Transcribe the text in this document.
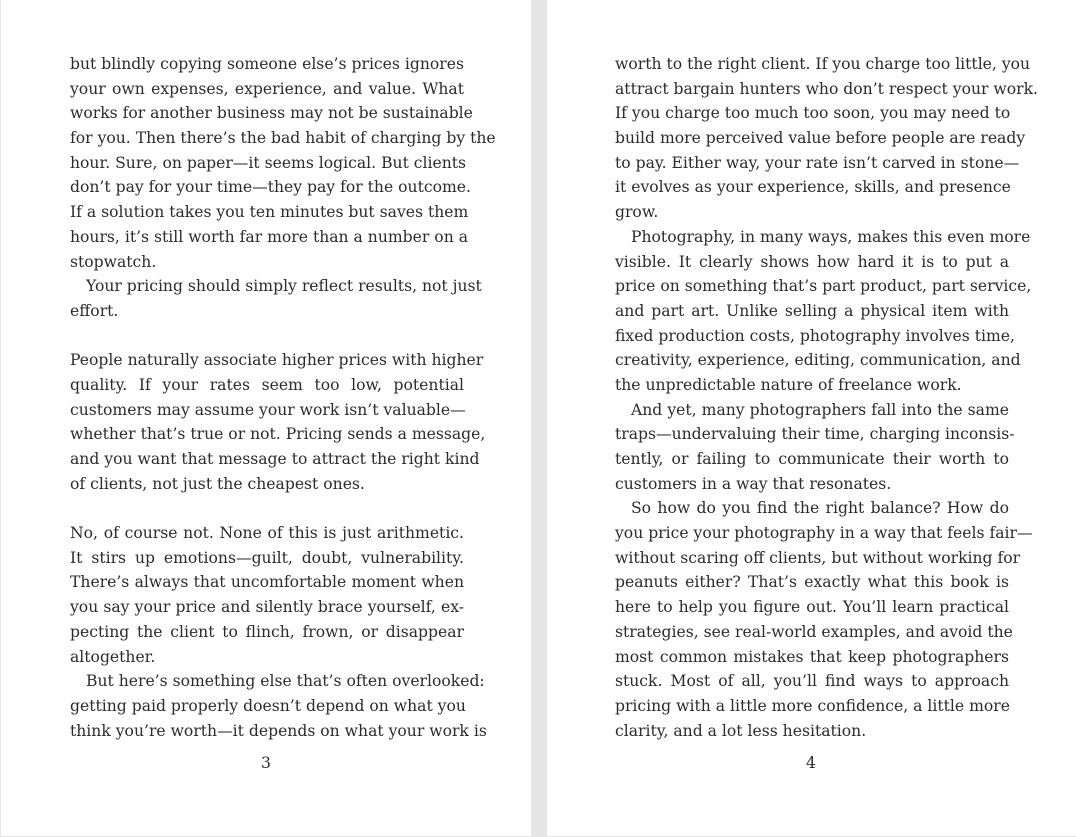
but blindly copying someone else’s prices ignores
your own expenses, experience, and value. What
works for another business may not be sustainable
for you. Then there’s the bad habit of charging by the
hour. Sure, on paper—it seems logical. But clients
don’t pay for your time—they pay for the outcome.
If a solution takes you ten minutes but saves them
hours, it’s still worth far more than a number on a
stopwatch.
Your pricing should simply reflect results, not just
effort.
People naturally associate higher prices with higher
quality. If your rates seem too low, potential
customers may assume your work isn’t valuable—
whether that’s true or not. Pricing sends a message,
and you want that message to attract the right kind
of clients, not just the cheapest ones.
No, of course not. None of this is just arithmetic.
It stirs up emotions—guilt, doubt, vulnerability.
There’s always that uncomfortable moment when
you say your price and silently brace yourself, ex-
pecting the client to flinch, frown, or disappear
altogether.
But here’s something else that’s often overlooked:
getting paid properly doesn’t depend on what you
think you’re worth—it depends on what your work is
3
worth to the right client. If you charge too little, you
attract bargain hunters who don’t respect your work.
If you charge too much too soon, you may need to
build more perceived value before people are ready
to pay. Either way, your rate isn’t carved in stone—
it evolves as your experience, skills, and presence
grow.
Photography, in many ways, makes this even more
visible. It clearly shows how hard it is to put a
price on something that’s part product, part service,
and part art. Unlike selling a physical item with
fixed production costs, photography involves time,
creativity, experience, editing, communication, and
the unpredictable nature of freelance work.
And yet, many photographers fall into the same
traps—undervaluing their time, charging inconsis-
tently, or failing to communicate their worth to
customers in a way that resonates.
So how do you find the right balance? How do
you price your photography in a way that feels fair—
without scaring off clients, but without working for
peanuts either? That’s exactly what this book is
here to help you figure out. You’ll learn practical
strategies, see real-world examples, and avoid the
most common mistakes that keep photographers
stuck. Most of all, you’ll find ways to approach
pricing with a little more confidence, a little more
clarity, and a lot less hesitation.
4
